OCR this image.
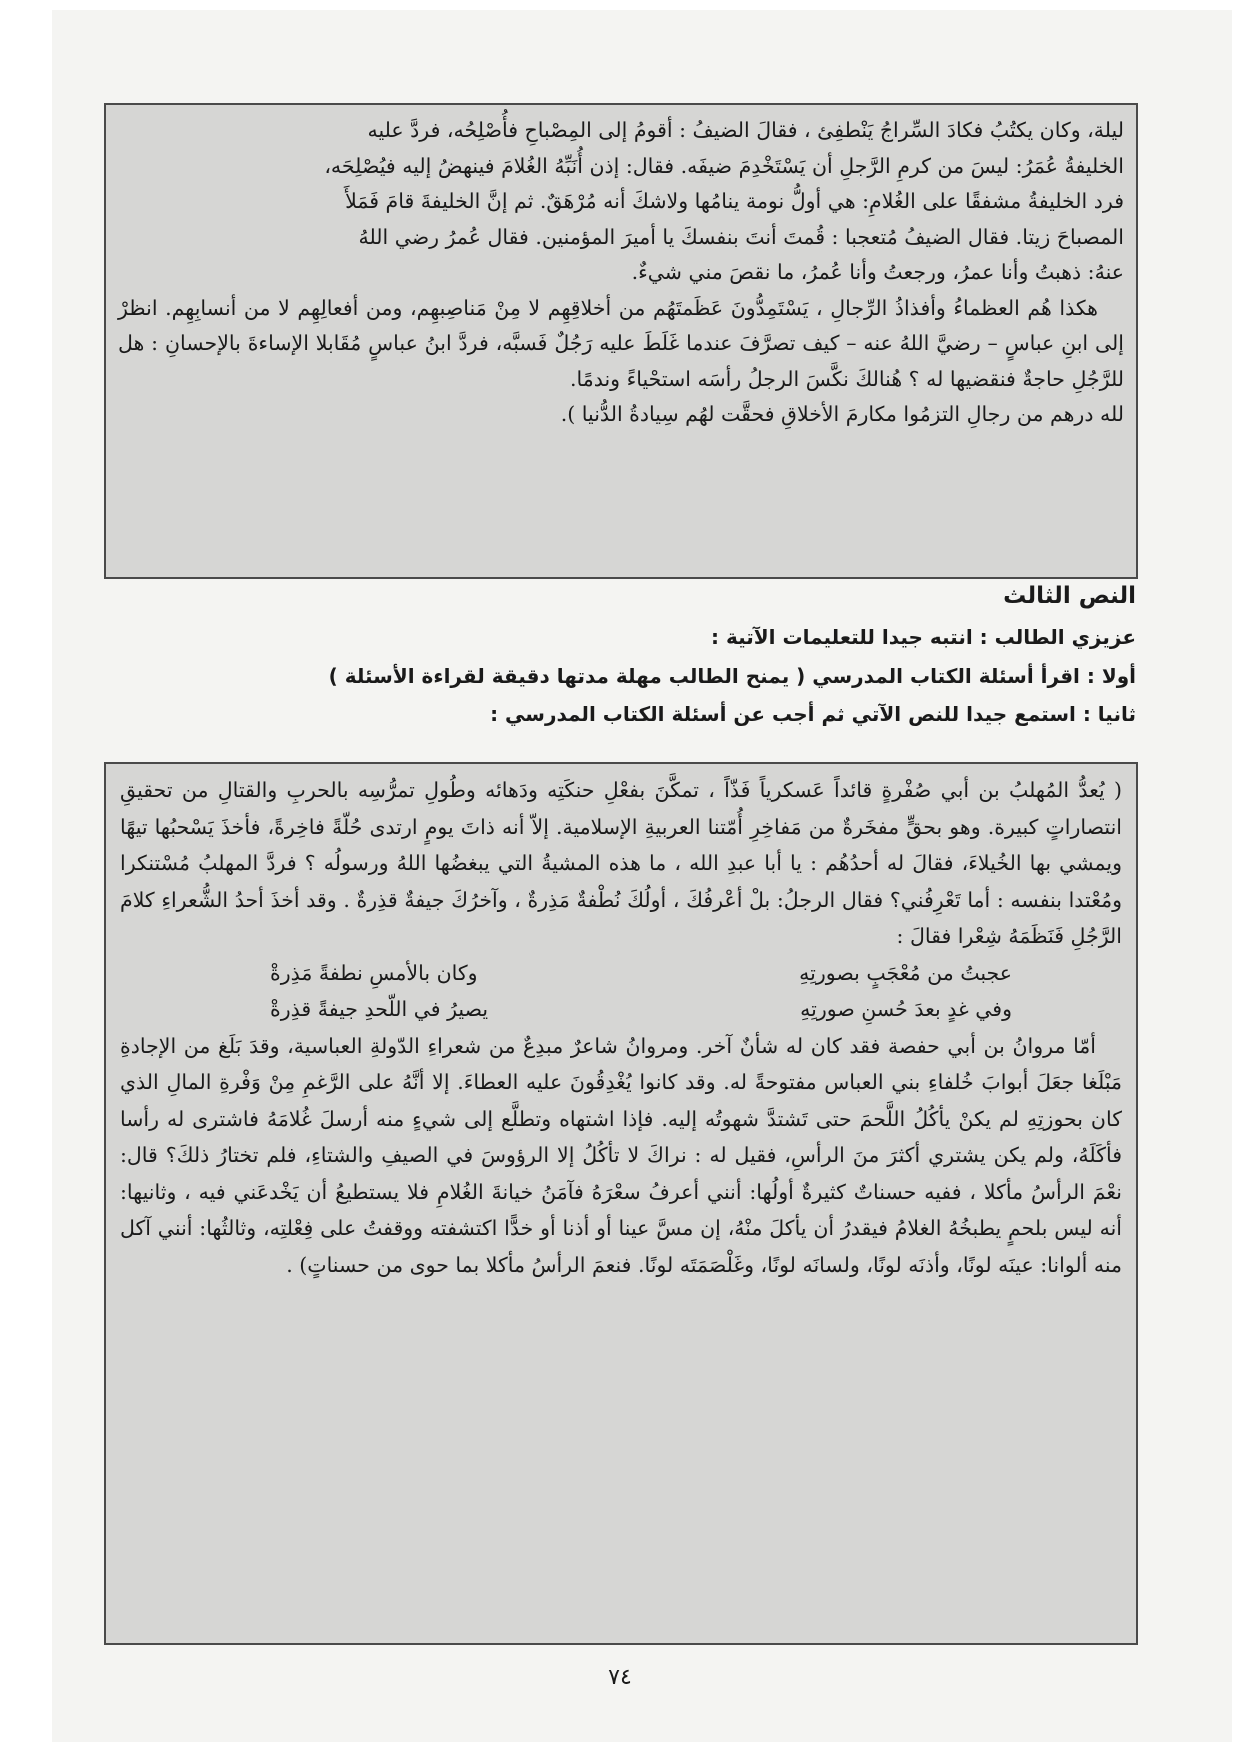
ليلة، وكان يكتُبُ فكادَ السِّراجُ يَنْطفِئ ، فقالَ الضيفُ : أقومُ إلى المِصْباحِ فأُصْلِحُه، فردَّ عليه

الخليفةُ عُمَرُ: ليسَ من كرمِ الرَّجلِ أن يَسْتَخْدِمَ ضيفَه. فقال: إذن أُنَبِّهُ الغُلامَ فينهضُ إليه فيُصْلِحَه،

فرد الخليفةُ مشفقًا على الغُلامِ: هي أولُّ نومة ينامُها ولاشكَ أنه مُرْهَقٌ. ثم إنَّ الخليفةَ قامَ فَمَلأَ

المصباحَ زيتا. فقال الضيفُ مُتعجبا : قُمتَ أنتَ بنفسكَ يا أميرَ المؤمنين. فقال عُمرُ رضي اللهُ

عنهُ: ذهبتُ وأنا عمرُ، ورجعتُ وأنا عُمرُ، ما نقصَ مني شيءٌ.

هكذا هُم العظماءُ وأفذاذُ الرِّجالِ ، يَسْتَمِدُّونَ عَظَمتَهُم من أخلاقِهِم لا مِنْ مَناصِبهِم، ومن أفعالِهِم لا من أنسابِهِم. انظرْ إلى ابنِ عباسٍ – رضيَّ اللهُ عنه – كيف تصرَّفَ عندما غَلَطَ عليه رَجُلٌ فَسبَّه، فردَّ ابنُ عباسٍ مُقَابلا الإساءةَ بالإحسانِ : هل للرَّجُلِ حاجةٌ فنقضيها له ؟ هُنالكَ نكَّسَ الرجلُ رأسَه استحْياءً وندمًا.

لله درهم من رجالِ التزمُوا مكارمَ الأخلاقِ فحقَّت لهُم سِيادةُ الدُّنيا ).

النص الثالث
عزيزي الطالب : انتبه جيدا للتعليمات الآتية :
أولا : اقرأ أسئلة الكتاب المدرسي ( يمنح الطالب مهلة مدتها دقيقة لقراءة الأسئلة )
ثانيا : استمع جيدا للنص الآتي ثم أجب عن أسئلة الكتاب المدرسي :

( يُعدُّ المُهلبُ بن أبي صُفْرةٍ قائداً عَسكرياً فَذّاً ، تمكَّنَ بفعْلِ حنكَتِه ودَهائه وطُولِ تمرُّسِه بالحربِ والقتالِ من تحقيقِ انتصاراتٍ كبيرة. وهو بحقٍّ مفخَرةٌ من مَفاخِرِ أُمّتنا العربيةِ الإسلامية. إلاّ أنه ذاتَ يومٍ ارتدى حُلّةً فاخِرةً، فأخذَ يَسْحبُها تيهًا ويمشي بها الخُيلاءَ، فقالَ له أحدُهُم : يا أبا عبدِ الله ، ما هذه المشيةُ التي يبغضُها اللهُ ورسولُه ؟ فردَّ المهلبُ مُسْتنكرا ومُعْتدا بنفسه : أما تَعْرِفُني؟ فقال الرجلُ: بلْ أعْرفُكَ ، أولُكَ نُطْفةٌ مَذِرةٌ ، وآخرُكَ جيفةٌ قذِرةٌ . وقد أخذَ أحدُ الشُّعراءِ كلامَ الرَّجُلِ فَنَظَمَهُ شِعْرا فقالَ :

عجبتُ من مُعْجَبٍ بصورتِهِ
وكان بالأمسِ نطفةً مَذِرةْ
وفي غدٍ بعدَ حُسنِ صورتِهِ
يصيرُ في اللّحدِ جيفةً قذِرةْ

أمّا مروانُ بن أبي حفصة فقد كان له شأنٌ آخر. ومروانُ شاعرٌ مبدِعٌ من شعراءِ الدّولةِ العباسية، وقدَ بَلَغ من الإجادةِ مَبْلَغا جعَلَ أبوابَ خُلفاءِ بني العباس مفتوحةً له. وقد كانوا يُغْدِقُونَ عليه العطاءَ. إلا أنَّهُ على الرَّغمِ مِنْ وَفْرةِ المالِ الذي كان بحوزتِهِ لم يكنْ يأكُلُ اللَّحمَ حتى تَشتدَّ شهوتُه إليه. فإذا اشتهاه وتطلَّع إلى شيءٍ منه أرسلَ غُلامَهُ فاشترى له رأسا فأكَلَهُ، ولم يكن يشتري أكثرَ منَ الرأسِ، فقيل له : نراكَ لا تأكُلُ إلا الرؤوسَ في الصيفِ والشتاءِ، فلم تختارُ ذلكَ؟ قال: نعْمَ الرأسُ مأكلا ، ففيه حسناتٌ كثيرةٌ أولُها: أنني أعرفُ سعْرَهُ فآمَنُ خيانةَ الغُلامِ فلا يستطيعُ أن يَخْدعَني فيه ، وثانيها: أنه ليس بلحمٍ يطبخُهُ الغلامُ فيقدرُ أن يأكلَ منْهُ، إن مسَّ عينا أو أذنا أو خدًّا اكتشفته ووقفتُ على فِعْلتِه، وثالثُها: أنني آكل منه ألوانا: عينَه لونًا، وأذنَه لونًا، ولسانَه لونًا، وغَلْصَمَتَه لونًا. فنعمَ الرأسُ مأكلا بما حوى من حسناتٍ) .

٧٤
